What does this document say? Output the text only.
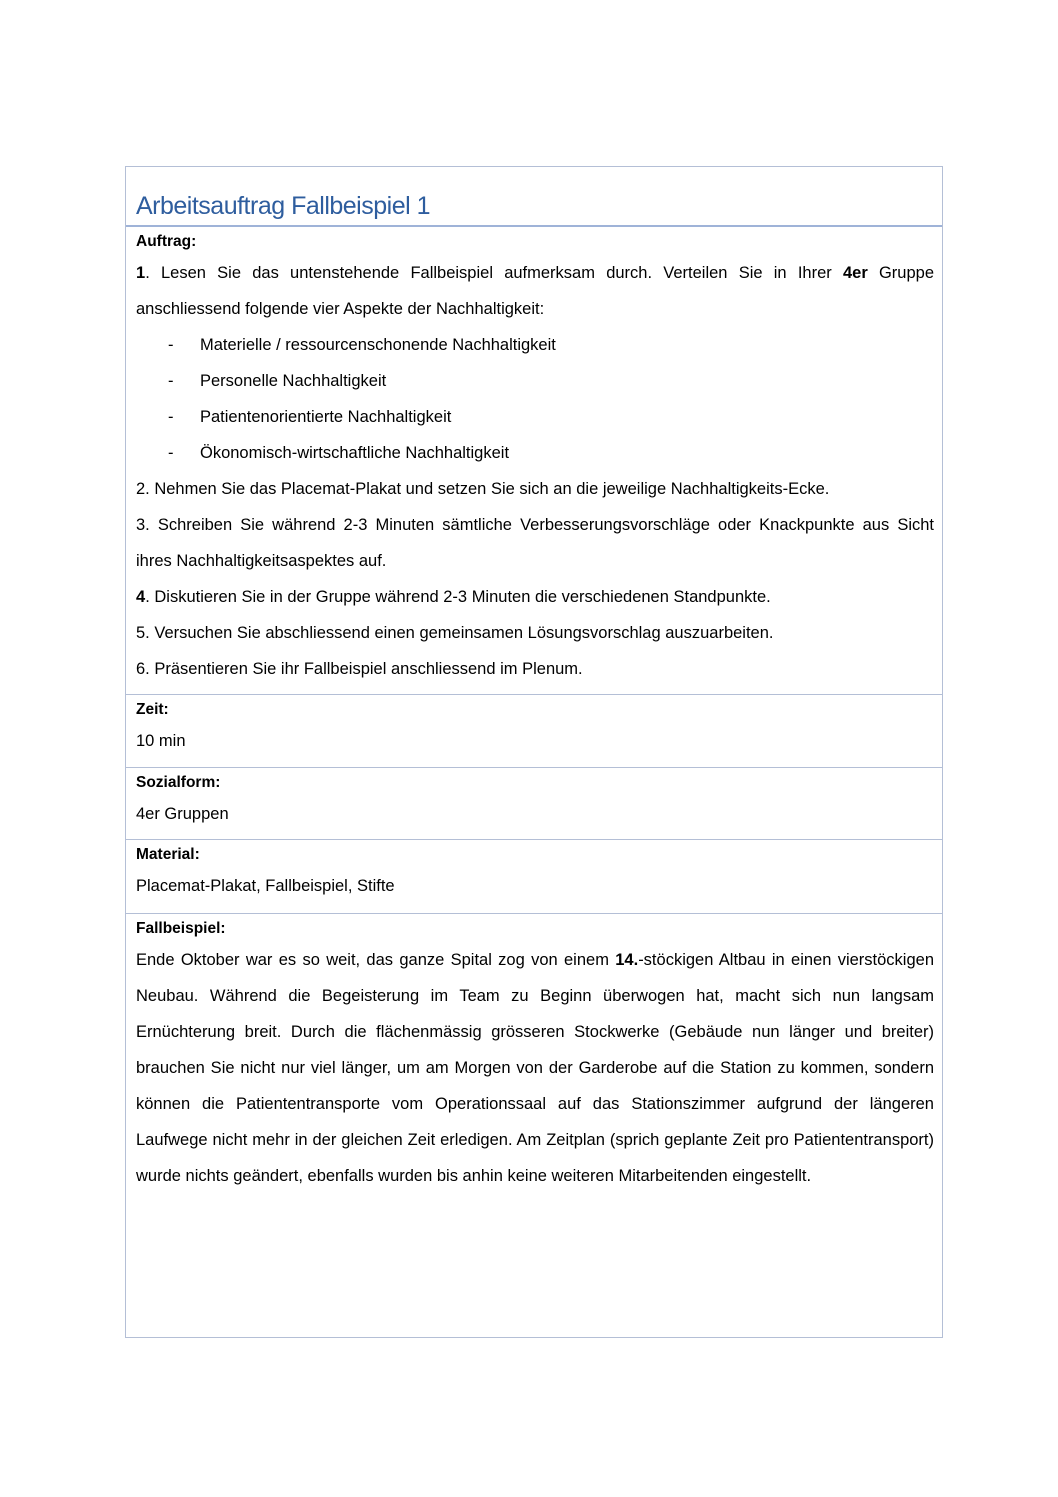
Arbeitsauftrag Fallbeispiel 1
Auftrag:
1. Lesen Sie das untenstehende Fallbeispiel aufmerksam durch. Verteilen Sie in Ihrer 4er Gruppe anschliessend folgende vier Aspekte der Nachhaltigkeit:
- Materielle / ressourcenschonende Nachhaltigkeit
- Personelle Nachhaltigkeit
- Patientenorientierte Nachhaltigkeit
- Ökonomisch-wirtschaftliche Nachhaltigkeit
2. Nehmen Sie das Placemat-Plakat und setzen Sie sich an die jeweilige Nachhaltigkeits-Ecke.
3. Schreiben Sie während 2-3 Minuten sämtliche Verbesserungsvorschläge oder Knackpunkte aus Sicht ihres Nachhaltigkeitsaspektes auf.
4. Diskutieren Sie in der Gruppe während 2-3 Minuten die verschiedenen Standpunkte.
5. Versuchen Sie abschliessend einen gemeinsamen Lösungsvorschlag auszuarbeiten.
6. Präsentieren Sie ihr Fallbeispiel anschliessend im Plenum.
Zeit:
10 min
Sozialform:
4er Gruppen
Material:
Placemat-Plakat, Fallbeispiel, Stifte
Fallbeispiel:
Ende Oktober war es so weit, das ganze Spital zog von einem 14.-stöckigen Altbau in einen vierstöckigen Neubau. Während die Begeisterung im Team zu Beginn überwogen hat, macht sich nun langsam Ernüchterung breit. Durch die flächenmässig grösseren Stockwerke (Gebäude nun länger und breiter) brauchen Sie nicht nur viel länger, um am Morgen von der Garderobe auf die Station zu kommen, sondern können die Patiententransporte vom Operationssaal auf das Stationszimmer aufgrund der längeren Laufwege nicht mehr in der gleichen Zeit erledigen. Am Zeitplan (sprich geplante Zeit pro Patiententransport) wurde nichts geändert, ebenfalls wurden bis anhin keine weiteren Mitarbeitenden eingestellt.
